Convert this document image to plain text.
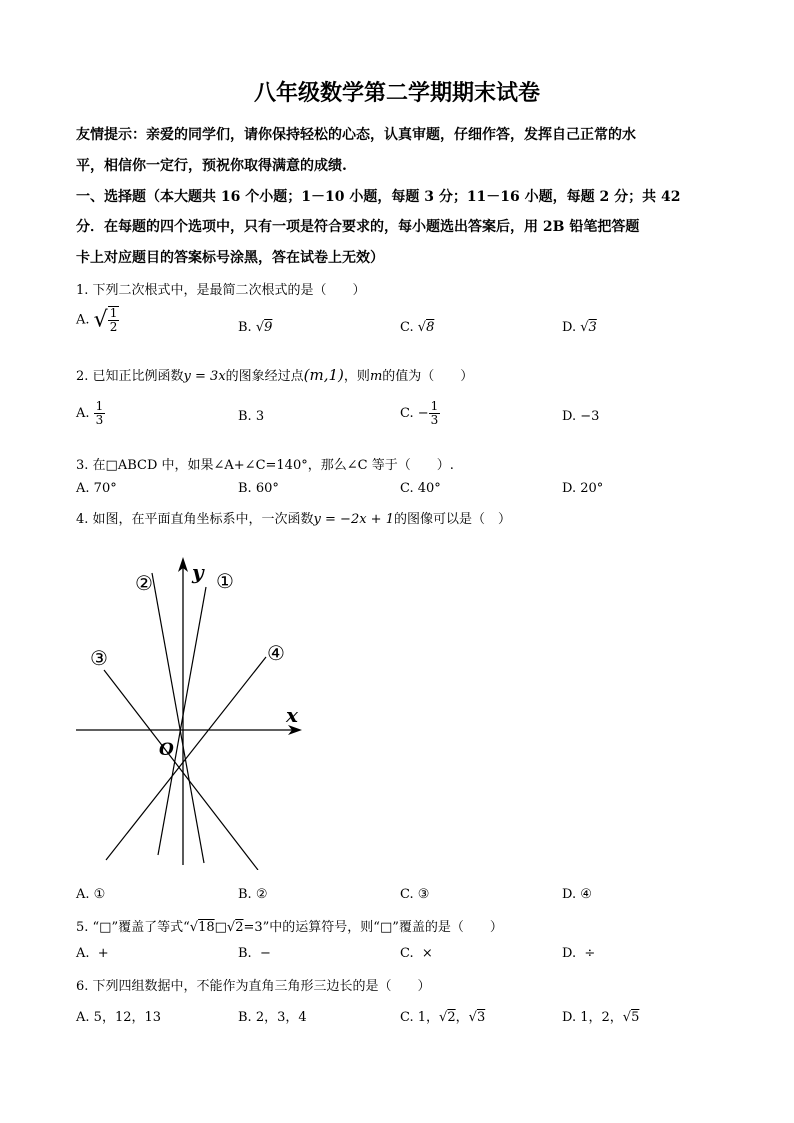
八年级数学第二学期期末试卷
友情提示：亲爱的同学们，请你保持轻松的心态，认真审题，仔细作答，发挥自己正常的水
平，相信你一定行，预祝你取得满意的成绩.
一、选择题（本大题共 16 个小题；1－10 小题，每题 3 分；11－16 小题，每题 2 分；共 42
分．在每题的四个选项中，只有一项是符合要求的，每小题选出答案后，用 2B 铅笔把答题
卡上对应题目的答案标号涂黑，答在试卷上无效）
1. 下列二次根式中，是最简二次根式的是（　　）
A. √ $\frac{1}{2}$	B. √9	C. √8	D. √3
2. 已知正比例函数y = 3x的图象经过点(m,1)，则m的值为（　　）
A. $\frac{1}{3}$	B. 3	C. − $\frac{1}{3}$	D. −3
3. 在□ABCD 中，如果∠A+∠C=140°，那么∠C 等于（　　）.
A. 70°	B. 60°	C. 40°	D. 20°
4. 如图，在平面直角坐标系中，一次函数y = −2x + 1的图像可以是（　）
y
x
O
②	①
③	④
A. ①	B. ②	C. ③	D. ④
5. “□”覆盖了等式“√18□√2=3”中的运算符号，则“□”覆盖的是（　　）
A. +	B. −	C. ×	D. ÷
6. 下列四组数据中，不能作为直角三角形三边长的是（　　）
A. 5，12，13	B. 2，3，4	C. 1，√2，√3	D. 1，2，√5
